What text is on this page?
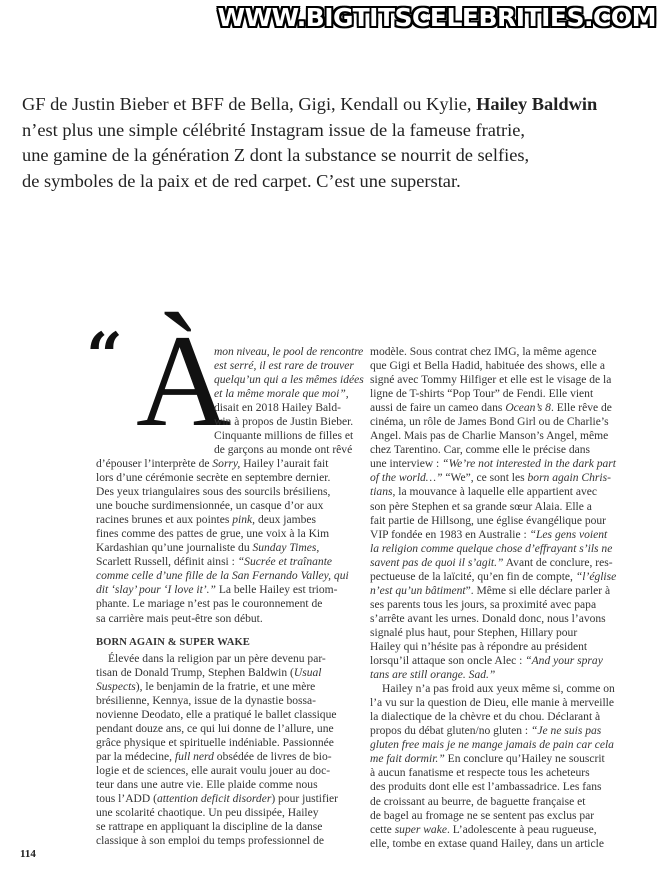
WWW.BIGTITSCELEBRITIES.COM
GF de Justin Bieber et BFF de Bella, Gigi, Kendall ou Kylie, Hailey Baldwin
n’est plus une simple célébrité Instagram issue de la fameuse fratrie,
une gamine de la génération Z dont la substance se nourrit de selfies,
de symboles de la paix et de red carpet. C’est une superstar.
“ À
mon niveau, le pool de rencontre
est serré, il est rare de trouver
quelqu’un qui a les mêmes idées
et la même morale que moi”,
disait en 2018 Hailey Bald-
win à propos de Justin Bieber.
Cinquante millions de filles et
de garçons au monde ont rêvé
d’épouser l’interprète de Sorry, Hailey l’aurait fait
lors d’une cérémonie secrète en septembre dernier.
Des yeux triangulaires sous des sourcils brésiliens,
une bouche surdimensionnée, un casque d’or aux
racines brunes et aux pointes pink, deux jambes
fines comme des pattes de grue, une voix à la Kim
Kardashian qu’une journaliste du Sunday Times,
Scarlett Russell, définit ainsi : “Sucrée et traînante
comme celle d’une fille de la San Fernando Valley, qui
dit ‘slay’ pour ‘I love it’.” La belle Hailey est triom-
phante. Le mariage n’est pas le couronnement de
sa carrière mais peut-être son début.
BORN AGAIN & SUPER WAKE
Élevée dans la religion par un père devenu par-
tisan de Donald Trump, Stephen Baldwin (Usual
Suspects), le benjamin de la fratrie, et une mère
brésilienne, Kennya, issue de la dynastie bossa-
novienne Deodato, elle a pratiqué le ballet classique
pendant douze ans, ce qui lui donne de l’allure, une
grâce physique et spirituelle indéniable. Passionnée
par la médecine, full nerd obsédée de livres de bio-
logie et de sciences, elle aurait voulu jouer au doc-
teur dans une autre vie. Elle plaide comme nous
tous l’ADD (attention deficit disorder) pour justifier
une scolarité chaotique. Un peu dissipée, Hailey
se rattrape en appliquant la discipline de la danse
classique à son emploi du temps professionnel de
modèle. Sous contrat chez IMG, la même agence
que Gigi et Bella Hadid, habituée des shows, elle a
signé avec Tommy Hilfiger et elle est le visage de la
ligne de T-shirts “Pop Tour” de Fendi. Elle vient
aussi de faire un cameo dans Ocean’s 8. Elle rêve de
cinéma, un rôle de James Bond Girl ou de Charlie’s
Angel. Mais pas de Charlie Manson’s Angel, même
chez Tarentino. Car, comme elle le précise dans
une interview : “We’re not interested in the dark part
of the world…” “We”, ce sont les born again Chris-
tians, la mouvance à laquelle elle appartient avec
son père Stephen et sa grande sœur Alaia. Elle a
fait partie de Hillsong, une église évangélique pour
VIP fondée en 1983 en Australie : “Les gens voient
la religion comme quelque chose d’effrayant s’ils ne
savent pas de quoi il s’agit.” Avant de conclure, res-
pectueuse de la laïcité, qu’en fin de compte, “l’église
n’est qu’un bâtiment”. Même si elle déclare parler à
ses parents tous les jours, sa proximité avec papa
s’arrête avant les urnes. Donald donc, nous l’avons
signalé plus haut, pour Stephen, Hillary pour
Hailey qui n’hésite pas à répondre au président
lorsqu’il attaque son oncle Alec : “And your spray
tans are still orange. Sad.”
Hailey n’a pas froid aux yeux même si, comme on
l’a vu sur la question de Dieu, elle manie à merveille
la dialectique de la chèvre et du chou. Déclarant à
propos du débat gluten/no gluten : “Je ne suis pas
gluten free mais je ne mange jamais de pain car cela
me fait dormir.” En conclure qu’Hailey ne souscrit
à aucun fanatisme et respecte tous les acheteurs
des produits dont elle est l’ambassadrice. Les fans
de croissant au beurre, de baguette française et
de bagel au fromage ne se sentent pas exclus par
cette super wake. L’adolescente à peau rugueuse,
elle, tombe en extase quand Hailey, dans un article
114
